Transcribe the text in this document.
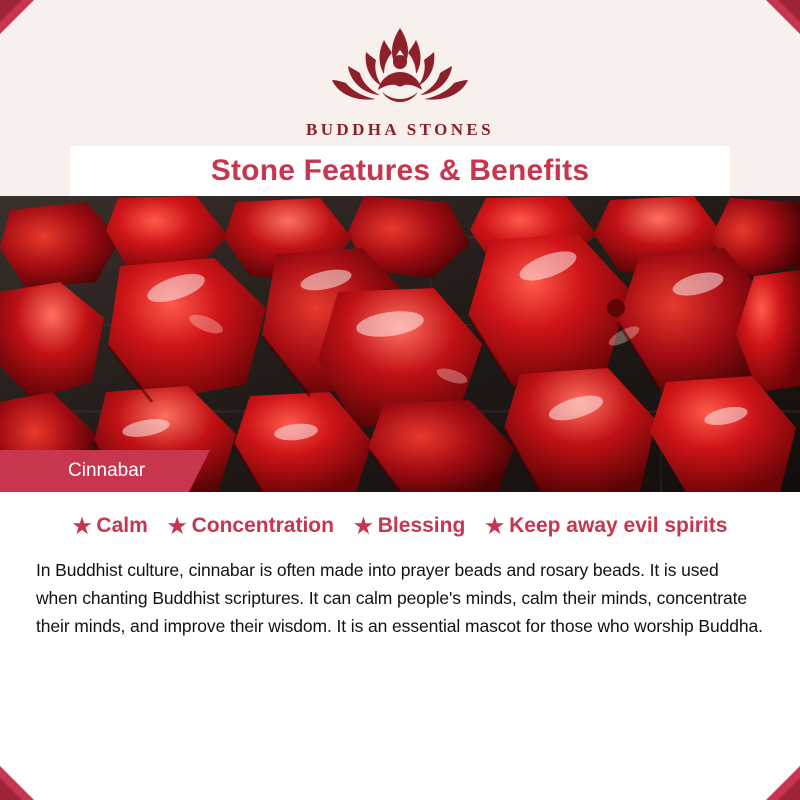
BUDDHA STONES
Stone Features & Benefits
Cinnabar
★ Calm ★ Concentration ★ Blessing ★ Keep away evil spirits

In Buddhist culture, cinnabar is often made into prayer beads and rosary beads. It is used when chanting Buddhist scriptures. It can calm people's minds, calm their minds, concentrate their minds, and improve their wisdom. It is an essential mascot for those who worship Buddha.
